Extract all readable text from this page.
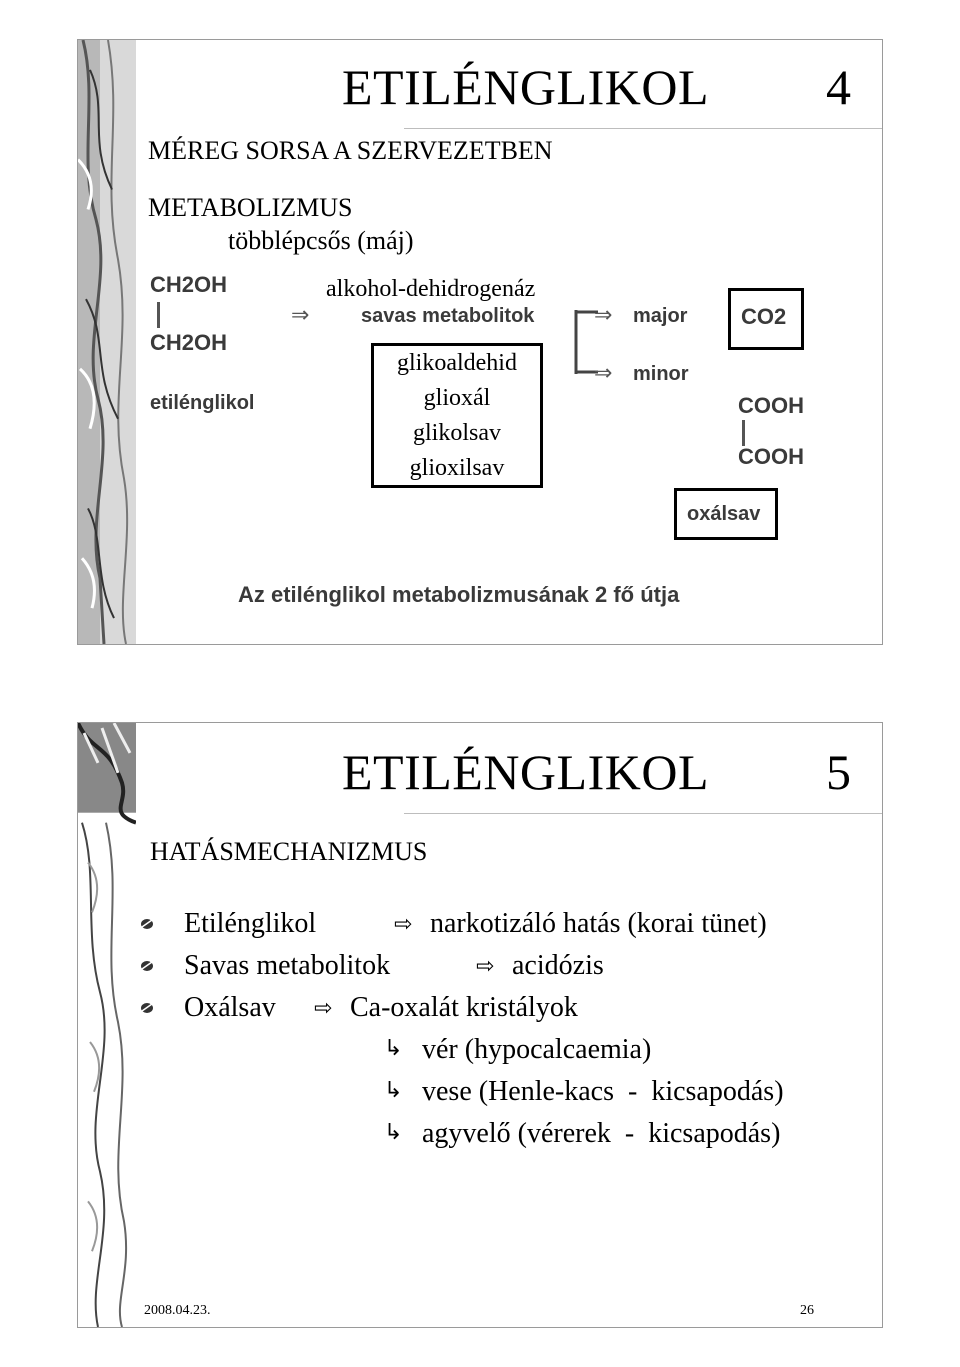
ETILÉNGLIKOL 4
MÉREG SORSA A SZERVEZETBEN
METABOLIZMUS
többlépcsős (máj)
CH2OH
CH2OH
etilénglikol
alkohol-dehidrogenáz
⇒	savas metabolitok
glikoaldehid
glioxál
glikolsav
glioxilsav
⇒
⇒
major
minor
CO2
COOH
COOH
oxálsav
Az etilénglikol metabolizmusának 2 fő útja
ETILÉNGLIKOL 5
HATÁSMECHANIZMUS
Etilénglikol	⇨ narkotizáló hatás (korai tünet)
Savas metabolitok	⇨ acidózis
Oxálsav ⇨ Ca-oxalát kristályok
↳ vér (hypocalcaemia)
↳ vese (Henle-kacs  -  kicsapodás)
↳ agyvelő (vérerek  -  kicsapodás)
2008.04.23.	26
